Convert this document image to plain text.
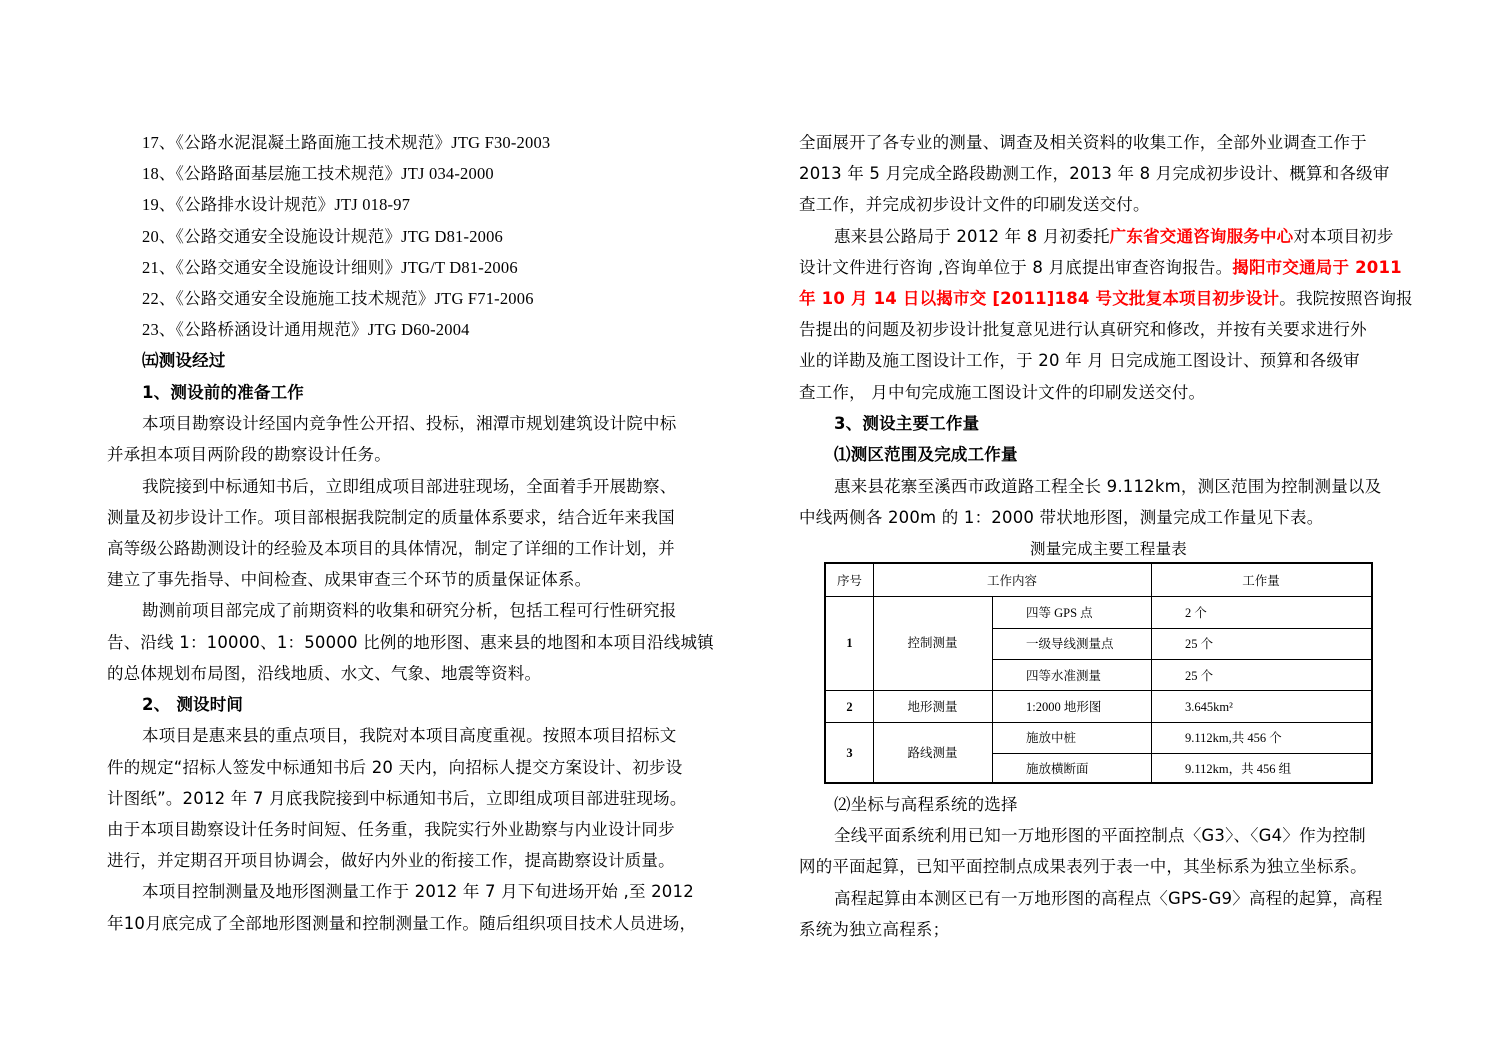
17、《公路水泥混凝土路面施工技术规范》JTG F30-2003
18、《公路路面基层施工技术规范》JTJ 034-2000
19、《公路排水设计规范》JTJ 018-97
20、《公路交通安全设施设计规范》JTG D81-2006
21、《公路交通安全设施设计细则》JTG/T D81-2006
22、《公路交通安全设施施工技术规范》JTG F71-2006
23、《公路桥涵设计通用规范》JTG D60-2004
㈤测设经过
1、测设前的准备工作
本项目勘察设计经国内竞争性公开招、投标，湘潭市规划建筑设计院中标
并承担本项目两阶段的勘察设计任务。
我院接到中标通知书后，立即组成项目部进驻现场，全面着手开展勘察、
测量及初步设计工作。项目部根据我院制定的质量体系要求，结合近年来我国
高等级公路勘测设计的经验及本项目的具体情况，制定了详细的工作计划，并
建立了事先指导、中间检查、成果审查三个环节的质量保证体系。
勘测前项目部完成了前期资料的收集和研究分析，包括工程可行性研究报
告、沿线 1：10000、1：50000 比例的地形图、惠来县的地图和本项目沿线城镇
的总体规划布局图，沿线地质、水文、气象、地震等资料。
2、 测设时间
本项目是惠来县的重点项目，我院对本项目高度重视。按照本项目招标文
件的规定“招标人签发中标通知书后 20 天内，向招标人提交方案设计、初步设
计图纸”。2012 年 7 月底我院接到中标通知书后，立即组成项目部进驻现场。
由于本项目勘察设计任务时间短、任务重，我院实行外业勘察与内业设计同步
进行，并定期召开项目协调会，做好内外业的衔接工作，提高勘察设计质量。
本项目控制测量及地形图测量工作于 2012 年 7 月下旬进场开始 ,至 2012
年10月底完成了全部地形图测量和控制测量工作。随后组织项目技术人员进场，
全面展开了各专业的测量、调查及相关资料的收集工作，全部外业调查工作于
2013 年 5 月完成全路段勘测工作，2013 年 8 月完成初步设计、概算和各级审
查工作，并完成初步设计文件的印刷发送交付。
惠来县公路局于 2012 年 8 月初委托广东省交通咨询服务中心对本项目初步
设计文件进行咨询 ,咨询单位于 8 月底提出审查咨询报告。揭阳市交通局于 2011
年 10 月 14 日以揭市交 [2011]184 号文批复本项目初步设计。我院按照咨询报
告提出的问题及初步设计批复意见进行认真研究和修改，并按有关要求进行外
业的详勘及施工图设计工作，于 20 年 月 日完成施工图设计、预算和各级审
查工作， 月中旬完成施工图设计文件的印刷发送交付。
3、测设主要工作量
⑴测区范围及完成工作量
惠来县花寨至溪西市政道路工程全长 9.112km，测区范围为控制测量以及
中线两侧各 200m 的 1：2000 带状地形图，测量完成工作量见下表。
测量完成主要工程量表
序号	工作内容	工作量
1	控制测量
四等 GPS 点	2 个
一级导线测量点	25 个
四等水准测量	25 个
2	地形测量	1:2000 地形图	3.645km²
3	路线测量
施放中桩	9.112km,共 456 个
施放横断面	9.112km，共 456 组
⑵坐标与高程系统的选择
全线平面系统利用已知一万地形图的平面控制点〈G3〉、〈G4〉作为控制
网的平面起算，已知平面控制点成果表列于表一中，其坐标系为独立坐标系。
高程起算由本测区已有一万地形图的高程点〈GPS-G9〉高程的起算，高程
系统为独立高程系；
